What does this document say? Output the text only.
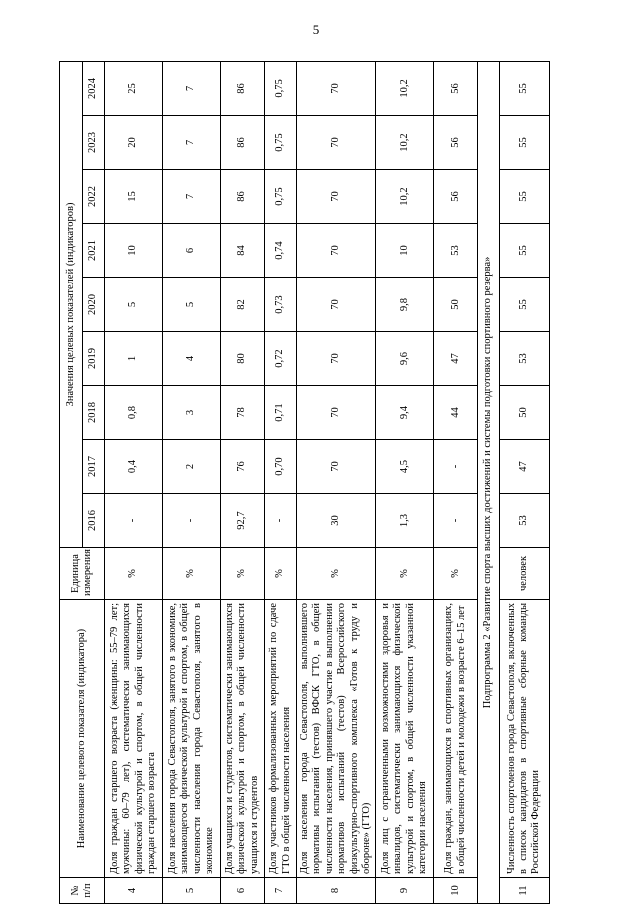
5
№ п/п	Наименование целевого показателя (индикатора)	Единица измерения	Значения целевых показателей (индикаторов)								
			2016	2017	2018	2019	2020	2021	2022	2023	2024
4	Доля граждан старшего возраста (женщины: 55–79 лет; мужчины: 60–79 лет), систематически занимающихся физической культурой и спортом, в общей численности граждан старшего возраста	%	-	0,4	0,8	1	5	10	15	20	25
5	Доля населения города Севастополя, занятого в экономике, занимающегося физической культурой и спортом, в общей численности населения города Севастополя, занятого в экономике	%	-	2	3	4	5	6	7	7	7
6	Доля учащихся и студентов, систематически занимающихся физической культурой и спортом, в общей численности учащихся и студентов	%	92,7	76	78	80	82	84	86	86	86
7	Доля участников формализованных мероприятий по сдаче ГТО в общей численности населения	%	-	0,70	0,71	0,72	0,73	0,74	0,75	0,75	0,75
8	Доля населения города Севастополя, выполнившего нормативы испытаний (тестов) ВФСК ГТО, в общей численности населения, принявшего участие в выполнении нормативов испытаний (тестов) Всероссийского физкультурно-спортивного комплекса «Готов к труду и обороне» (ГТО)	%	30	70	70	70	70	70	70	70	70
9	Доля лиц с ограниченными возможностями здоровья и инвалидов, систематически занимающихся физической культурой и спортом, в общей численности указанной категории населения	%	1,3	4,5	9,4	9,6	9,8	10	10,2	10,2	10,2
10	Доля граждан, занимающихся в спортивных организациях, в общей численности детей и молодежи в возрасте 6–15 лет	%	-	-	44	47	50	53	56	56	56
Подпрограмма 2 «Развитие спорта высших достижений и системы подготовки спортивного резерва»											
11	Численность спортсменов города Севастополя, включенных в список кандидатов в спортивные сборные команды Российской Федерации	человек	53	47	50	53	55	55	55	55	55
